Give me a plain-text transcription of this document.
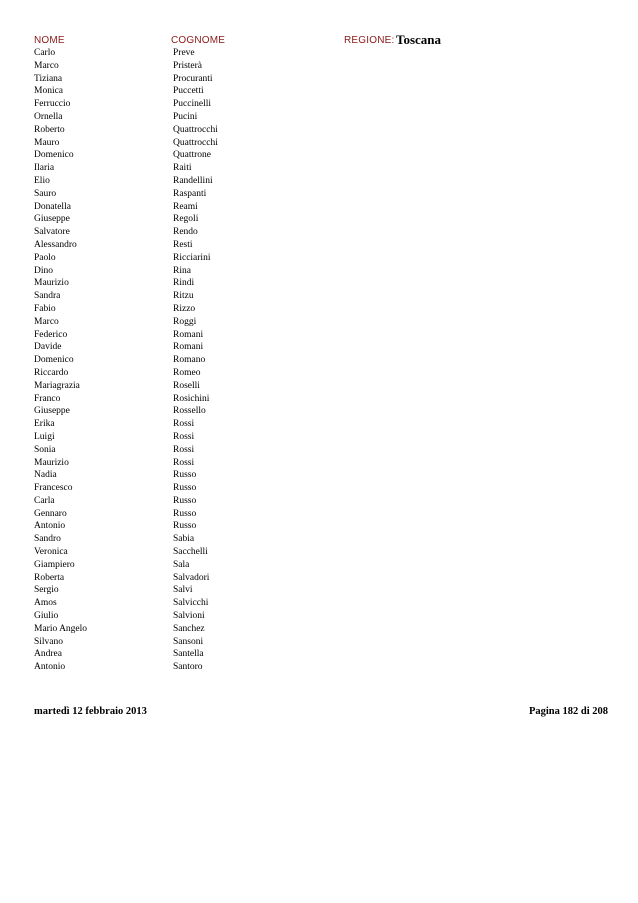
NOME	COGNOME	REGIONE: Toscana
Carlo	Preve
Marco	Pristerà
Tiziana	Procuranti
Monica	Puccetti
Ferruccio	Puccinelli
Ornella	Pucini
Roberto	Quattrocchi
Mauro	Quattrocchi
Domenico	Quattrone
Ilaria	Raiti
Elio	Randellini
Sauro	Raspanti
Donatella	Reami
Giuseppe	Regoli
Salvatore	Rendo
Alessandro	Resti
Paolo	Ricciarini
Dino	Rina
Maurizio	Rindi
Sandra	Ritzu
Fabio	Rizzo
Marco	Roggi
Federico	Romani
Davide	Romani
Domenico	Romano
Riccardo	Romeo
Mariagrazia	Roselli
Franco	Rosichini
Giuseppe	Rossello
Erika	Rossi
Luigi	Rossi
Sonia	Rossi
Maurizio	Rossi
Nadia	Russo
Francesco	Russo
Carla	Russo
Gennaro	Russo
Antonio	Russo
Sandro	Sabia
Veronica	Sacchelli
Giampiero	Sala
Roberta	Salvadori
Sergio	Salvi
Amos	Salvicchi
Giulio	Salvioni
Mario Angelo	Sanchez
Silvano	Sansoni
Andrea	Santella
Antonio	Santoro
martedì 12 febbraio 2013	Pagina 182 di 208
